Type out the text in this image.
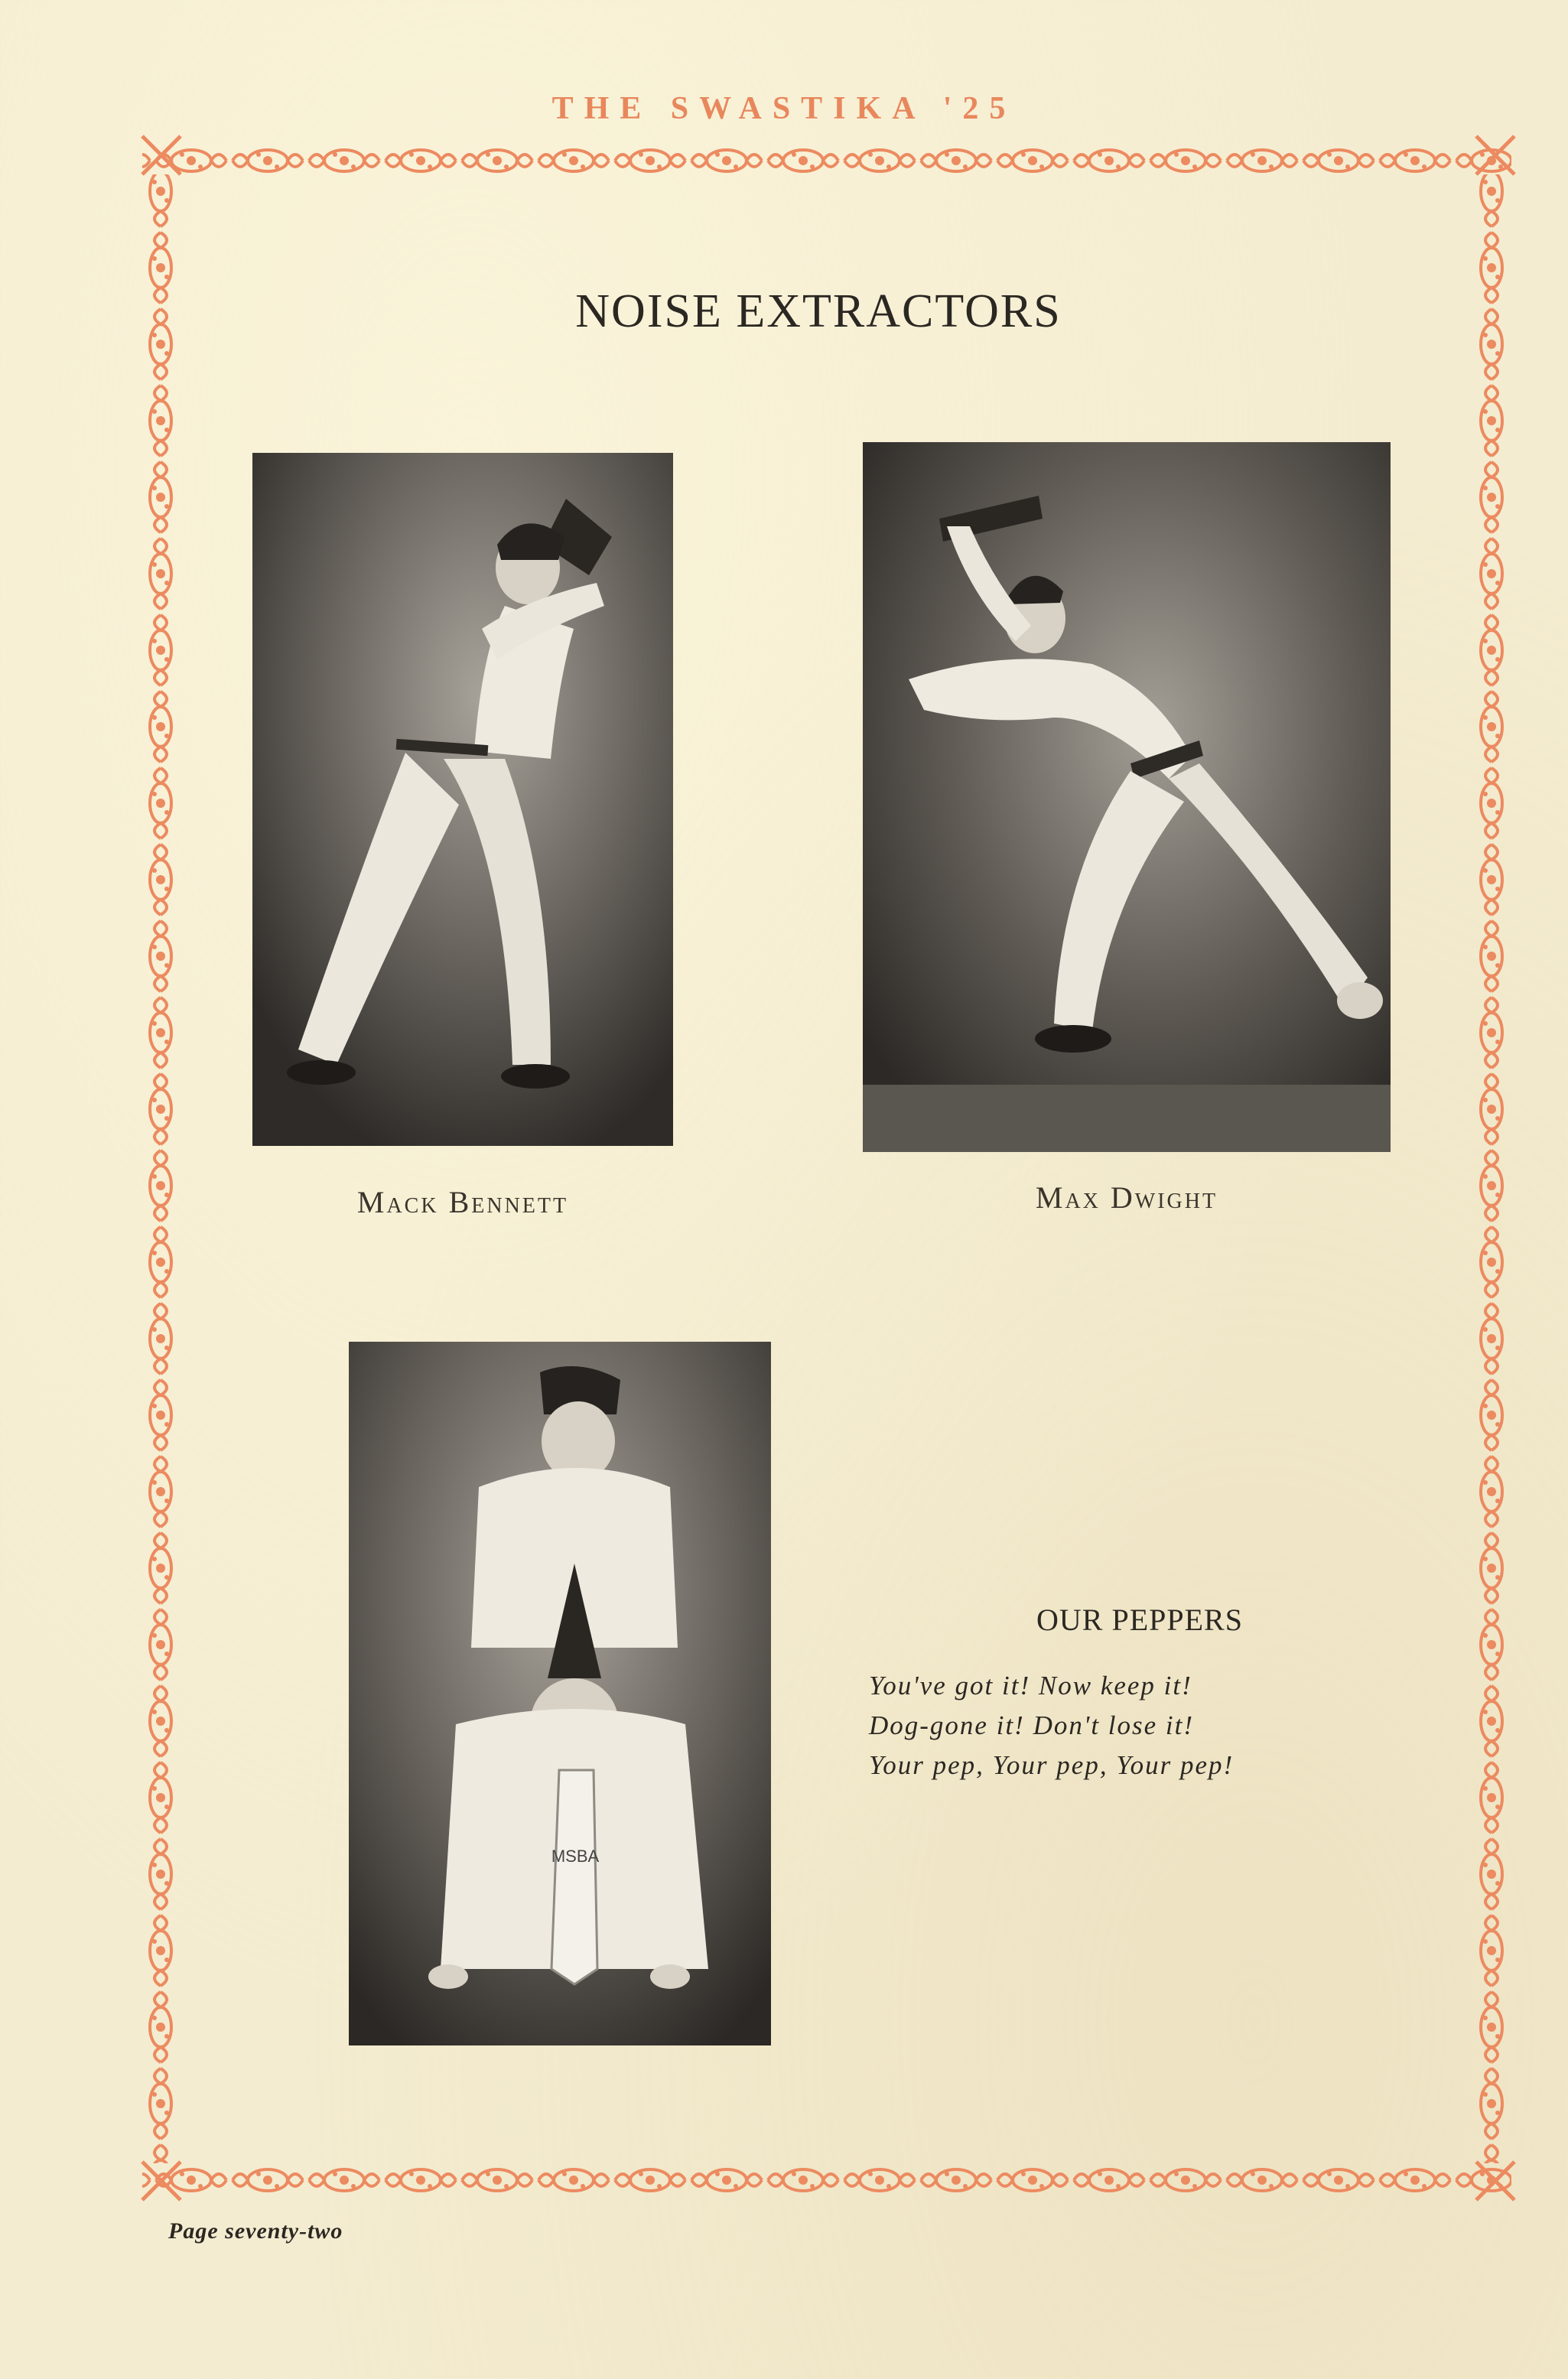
THE SWASTIKA '25
NOISE EXTRACTORS
Mack Bennett	Max Dwight
MSBA
OUR PEPPERS
You've got it! Now keep it!
Dog-gone it! Don't lose it!
Your pep, Your pep, Your pep!
Page seventy-two
